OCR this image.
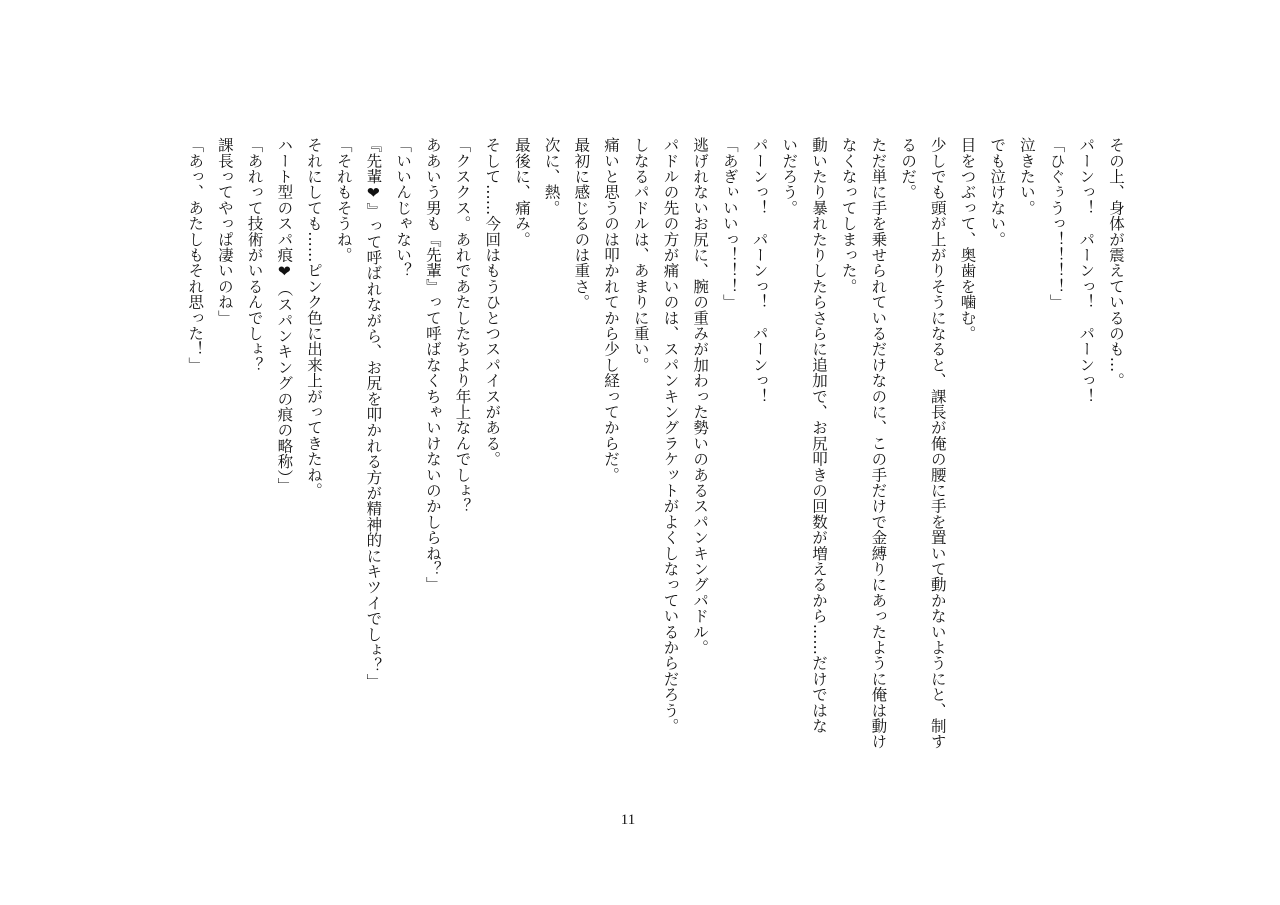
その上、身体が震えているのも…。
パーンっ！　パーンっ！　パーンっ！
「ひぐぅうっ！！！！」
泣きたい。
でも泣けない。
目をつぶって、奥歯を噛む。
少しでも頭が上がりそうになると、課長が俺の腰に手を置いて動かないようにと、制す
るのだ。
ただ単に手を乗せられているだけなのに、この手だけで金縛りにあったように俺は動け
なくなってしまった。
動いたり暴れたりしたらさらに追加で、お尻叩きの回数が増えるから……だけではな
いだろう。
パーンっ！　パーンっ！　パーンっ！
「あぎぃいいっ！！！」
逃げれないお尻に、腕の重みが加わった勢いのあるスパンキングパドル。
パドルの先の方が痛いのは、スパンキングラケットがよくしなっているからだろう。
しなるパドルは、あまりに重い。
痛いと思うのは叩かれてから少し経ってからだ。
最初に感じるのは重さ。
次に、熱。
最後に、痛み。
そして……今回はもうひとつスパイスがある。
「クスクス。あれであたしたちより年上なんでしょ？
ああいう男も『先輩』って呼ばなくちゃいけないのかしらね？」
「いいんじゃない？
『先輩❤』って呼ばれながら、お尻を叩かれる方が精神的にキツイでしょ？」
「それもそうね。
それにしても……ピンク色に出来上がってきたね。
ハート型のスパ痕❤（スパンキングの痕の略称）」
「あれって技術がいるんでしょ？
課長ってやっぱ凄いのね」
「あっ、あたしもそれ思った！」
11
